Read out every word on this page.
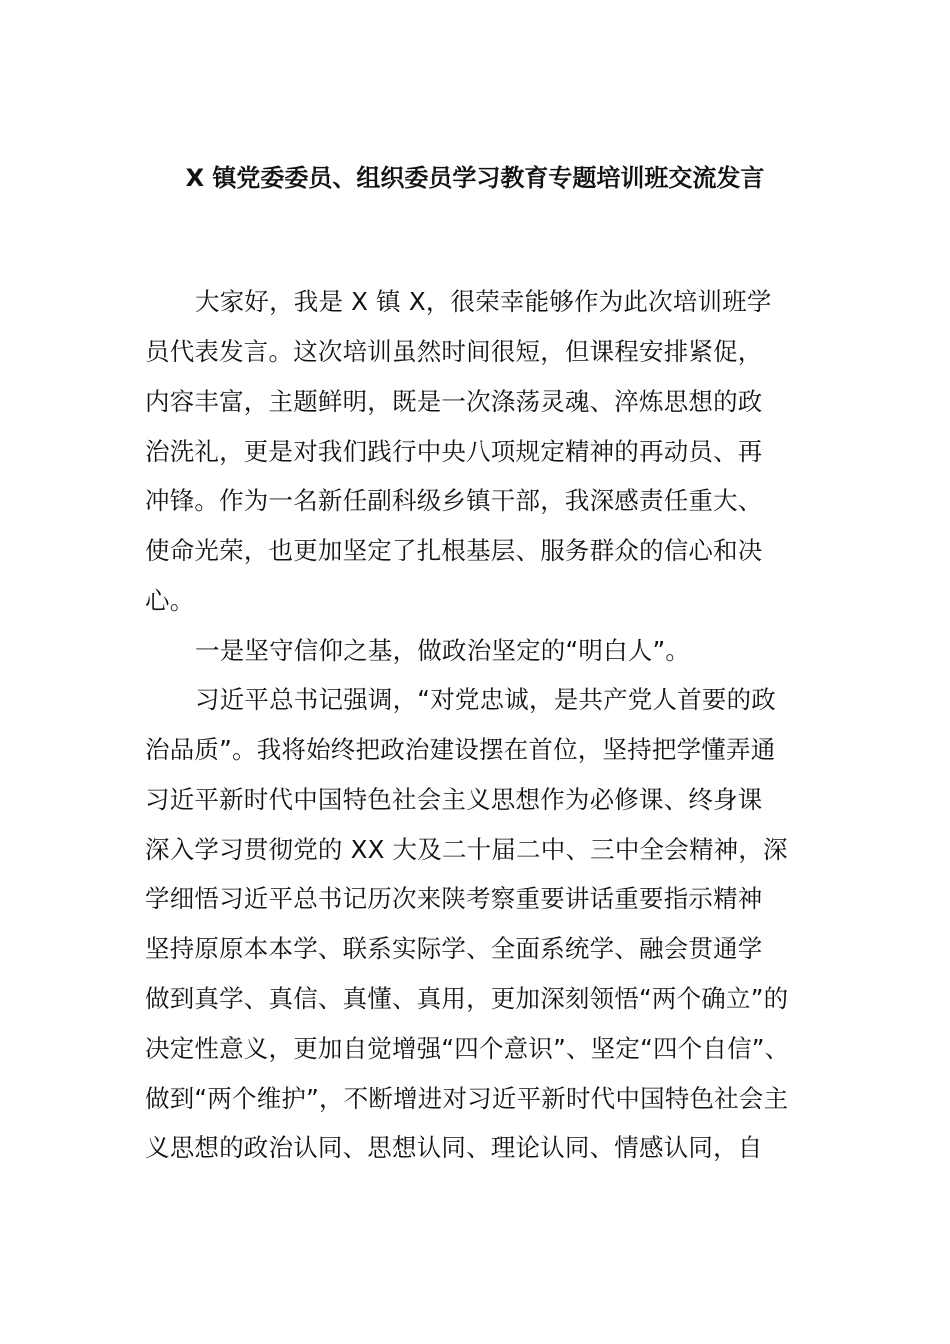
X 镇党委委员、组织委员学习教育专题培训班交流发言
大家好，我是 X 镇 X，很荣幸能够作为此次培训班学
员代表发言。这次培训虽然时间很短，但课程安排紧促，
内容丰富，主题鲜明，既是一次涤荡灵魂、淬炼思想的政
治洗礼，更是对我们践行中央八项规定精神的再动员、再
冲锋。作为一名新任副科级乡镇干部，我深感责任重大、
使命光荣，也更加坚定了扎根基层、服务群众的信心和决
心。
一是坚守信仰之基，做政治坚定的“明白人”。
习近平总书记强调，“对党忠诚，是共产党人首要的政
治品质”。我将始终把政治建设摆在首位，坚持把学懂弄通
习近平新时代中国特色社会主义思想作为必修课、终身课
深入学习贯彻党的 XX 大及二十届二中、三中全会精神，深
学细悟习近平总书记历次来陕考察重要讲话重要指示精神
坚持原原本本学、联系实际学、全面系统学、融会贯通学
做到真学、真信、真懂、真用，更加深刻领悟“两个确立”的
决定性意义，更加自觉增强“四个意识”、坚定“四个自信”、
做到“两个维护”，不断增进对习近平新时代中国特色社会主
义思想的政治认同、思想认同、理论认同、情感认同，自
